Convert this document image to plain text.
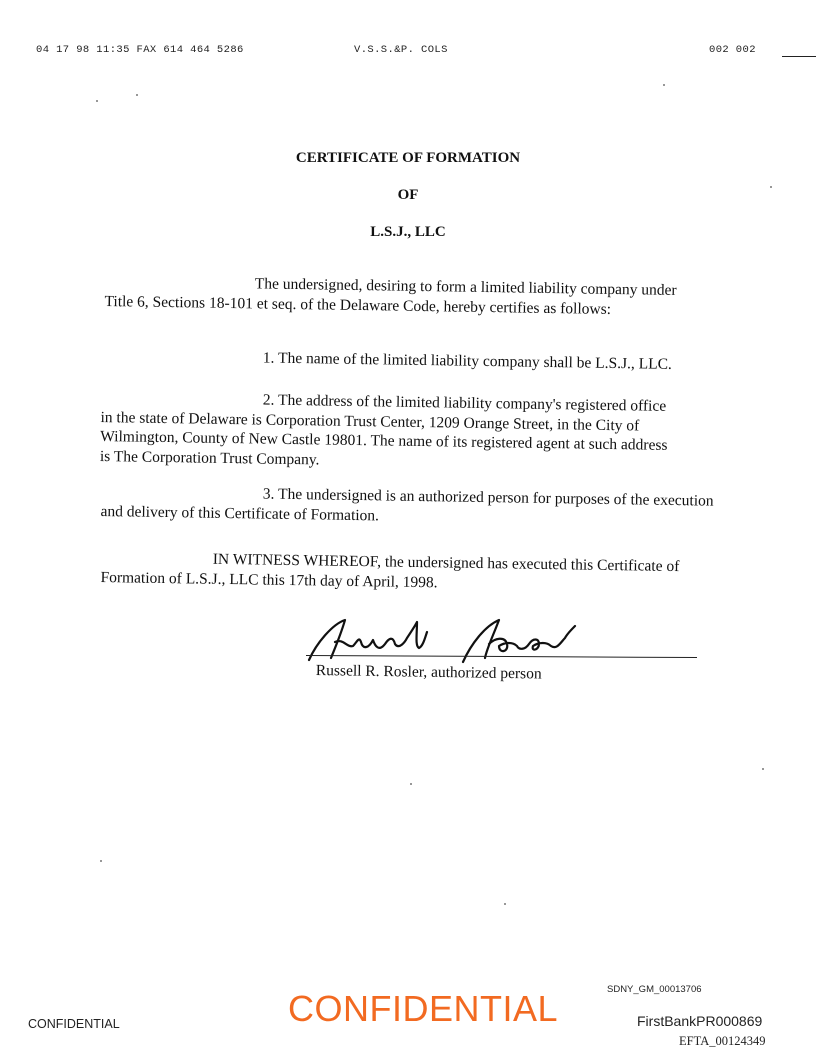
04 17 98 11:35 FAX 614 464 5286	V.S.S.&P. COLS	002 002
CERTIFICATE OF FORMATION
OF
L.S.J., LLC

The undersigned, desiring to form a limited liability company under Title 6, Sections 18-101 et seq. of the Delaware Code, hereby certifies as follows:

1. The name of the limited liability company shall be L.S.J., LLC.

2. The address of the limited liability company's registered office in the state of Delaware is Corporation Trust Center, 1209 Orange Street, in the City of Wilmington, County of New Castle 19801. The name of its registered agent at such address is The Corporation Trust Company.

3. The undersigned is an authorized person for purposes of the execution and delivery of this Certificate of Formation.

IN WITNESS WHEREOF, the undersigned has executed this Certificate of Formation of L.S.J., LLC this 17th day of April, 1998.

Russell R. Rosler, authorized person
CONFIDENTIAL
CONFIDENTIAL
SDNY_GM_00013706
FirstBankPR000869
EFTA_00124349
